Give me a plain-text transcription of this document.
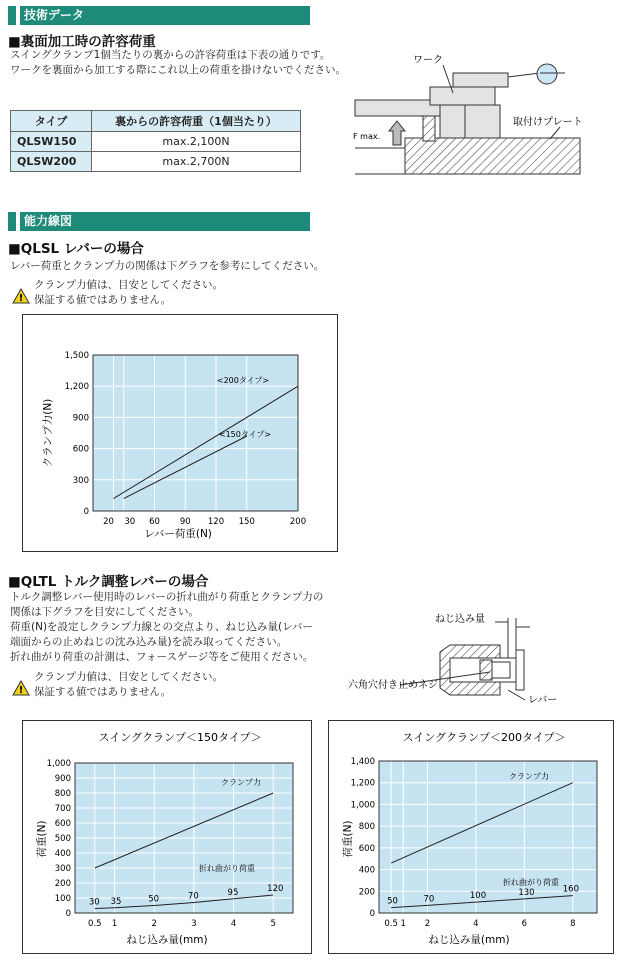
技術データ
■裏面加工時の許容荷重
スイングクランプ1個当たりの裏からの許容荷重は下表の通りです。
ワークを裏面から加工する際にこれ以上の荷重を掛けないでください。
タイプ	裏からの許容荷重（1個当たり）
QLSW150	max.2,100N
QLSW200	max.2,700N
ワーク
F max.
取付けプレート
能力線図
■QLSL レバーの場合
レバー荷重とクランプ力の関係は下グラフを参考にしてください。
!
クランプ力値は、目安としてください。
保証する値ではありません。
0
300
600
900
1,200
1,500
20 30 60 90 120 150	200
<200タイプ>
<150タイプ>
レバー荷重(N)
クランプ力(N)
■QLTL トルク調整レバーの場合
トルク調整レバー使用時のレバーの折れ曲がり荷重とクランプ力の
関係は下グラフを目安にしてください。
荷重(N)を設定しクランプ力線との交点より、ねじ込み量(レバー
端面からの止めねじの沈み込み量)を読み取ってください。
折れ曲がり荷重の計測は、フォースゲージ等をご使用ください。
!
クランプ力値は、目安としてください。
保証する値ではありません。
ねじ込み量
六角穴付き止めネジ
レバー
0
100
200
300
400
500
600
700
800
900
1,000
0.5 1	2	3	4	5
クランプ力
折れ曲がり荷重
30 35	50	70	95	120
スイングクランプ＜150タイプ＞
ねじ込み量(mm)
荷重(N)
0
200
400
600
800
1,000
1,200
1,400
0.5 1 2	4	6	8
クランプ力
折れ曲がり荷重
50	70	100	130	160
スイングクランプ＜200タイプ＞
ねじ込み量(mm)
荷重(N)
